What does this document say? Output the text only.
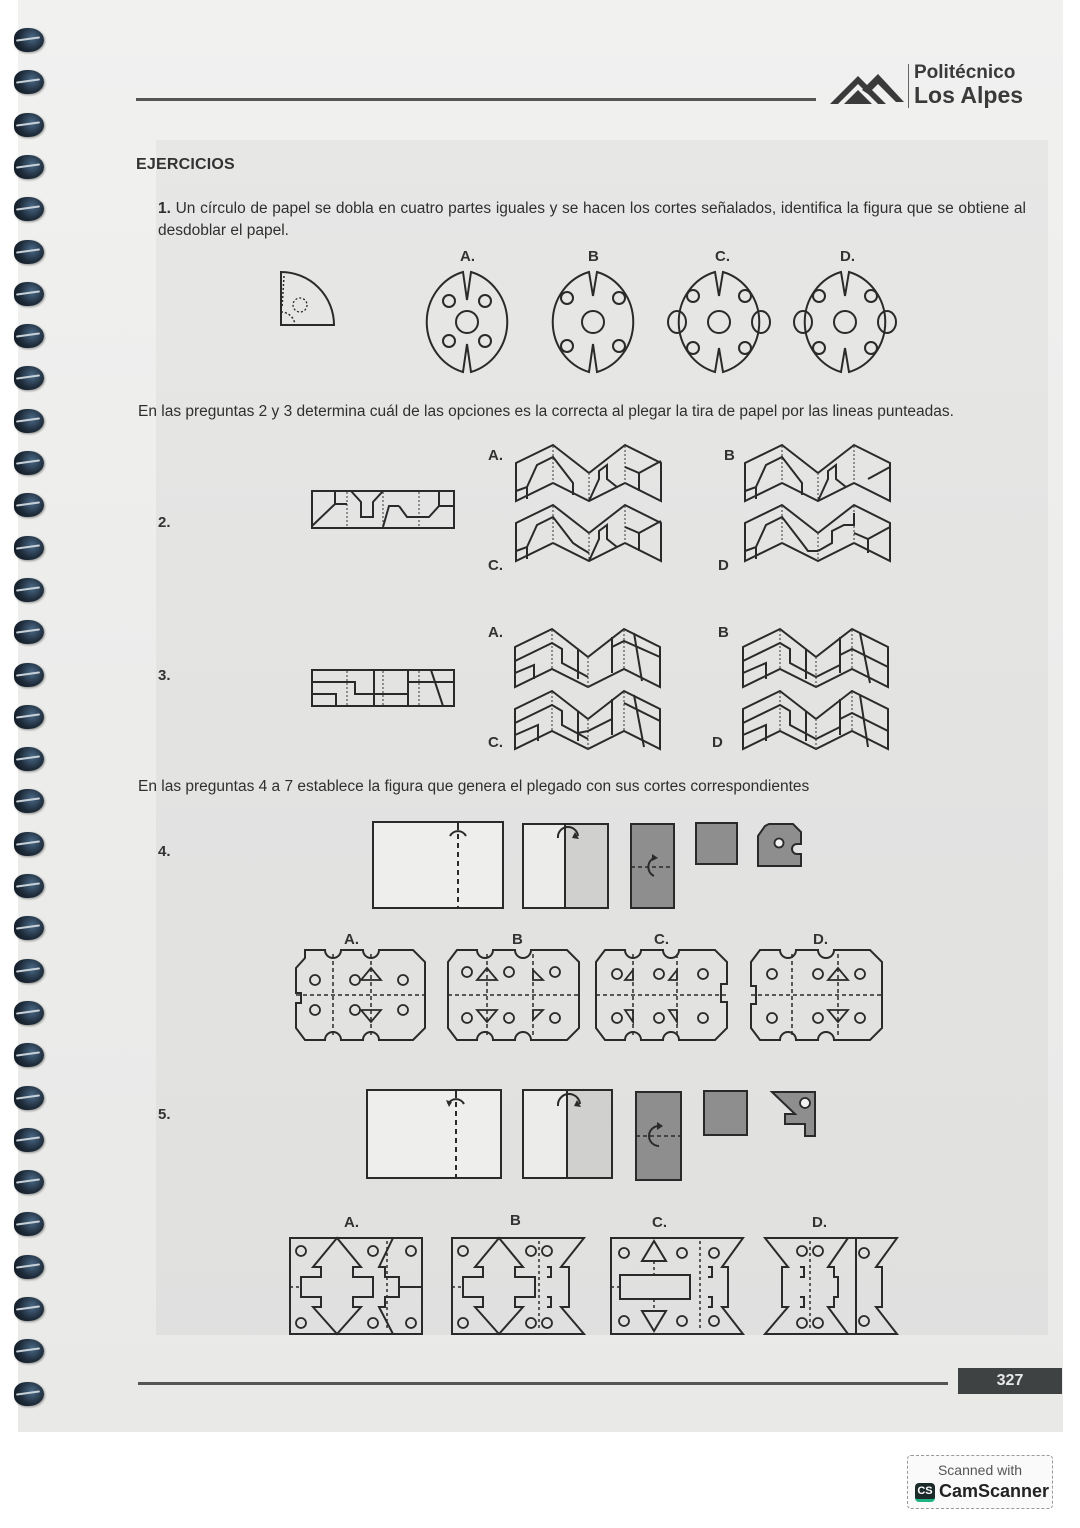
Politécnico
Los Alpes
EJERCICIOS
1. Un círculo de papel se dobla en cuatro partes iguales y se hacen los cortes señalados, identifica la figura que se obtiene al desdoblar el papel.
A.	B	C.	D.
En las preguntas 2 y 3 determina cuál de las opciones es la correcta al plegar la tira de papel por las lineas punteadas.
2.
A.	B
C.	D
3.
A.	B
C.	D
En las preguntas 4 a 7 establece la figura que genera el plegado con sus cortes correspondientes
4.
A.	B	C.	D.
5.
A.	B	C.	D.
327
Scanned with
CS CamScanner
